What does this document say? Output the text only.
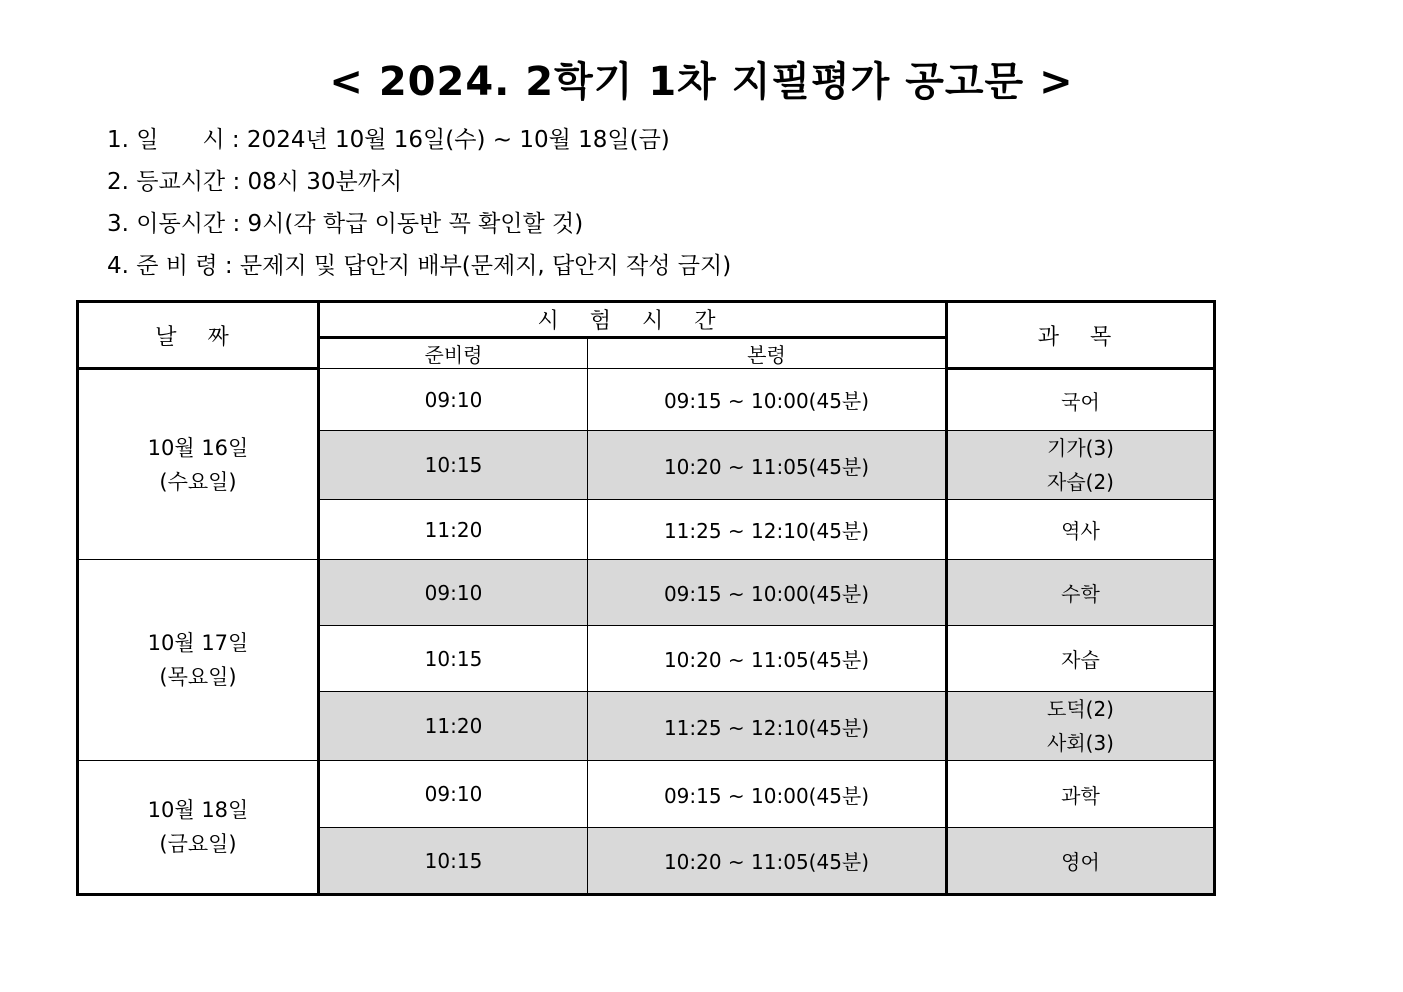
< 2024. 2학기 1차 지필평가 공고문 >
1. 일      시 : 2024년 10월 16일(수) ~ 10월 18일(금)
2. 등교시간 : 08시 30분까지
3. 이동시간 : 9시(각 학급 이동반 꼭 확인할 것)
4. 준 비 령 : 문제지 및 답안지 배부(문제지, 답안지 작성 금지)
날 짜	시 험 시 간		과 목
	준비령	본령	

10월 16일
(수요일)	09:10	09:15 ~ 10:00(45분)	국어
	10:15	10:20 ~ 11:05(45분)	기가(3)
자습(2)

	11:20	11:25 ~ 12:10(45분)	역사

10월 17일
(목요일)	09:10	09:15 ~ 10:00(45분)	수학
	10:15	10:20 ~ 11:05(45분)	자습
	11:20	11:25 ~ 12:10(45분)	도덕(2)
사회(3)

10월 18일
(금요일)	09:10	09:15 ~ 10:00(45분)	과학
	10:15	10:20 ~ 11:05(45분)	영어
